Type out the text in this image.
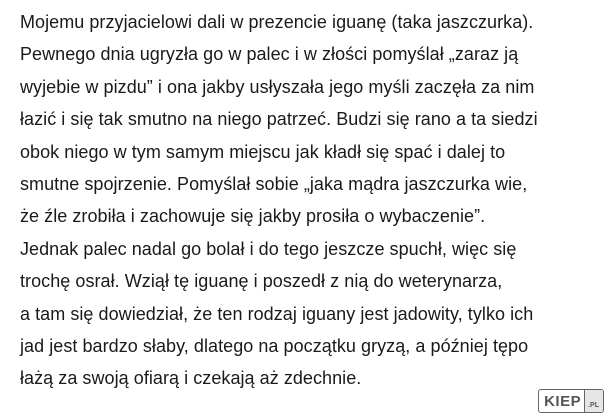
Mojemu przyjacielowi dali w prezencie iguanę (taka jaszczurka).
Pewnego dnia ugryzła go w palec i w złości pomyślał „zaraz ją
wyjebie w pizdu” i ona jakby usłyszała jego myśli zaczęła za nim
łazić i się tak smutno na niego patrzeć. Budzi się rano a ta siedzi
obok niego w tym samym miejscu jak kładł się spać i dalej to
smutne spojrzenie. Pomyślał sobie „jaka mądra jaszczurka wie,
że źle zrobiła i zachowuje się jakby prosiła o wybaczenie”.
Jednak palec nadal go bolał i do tego jeszcze spuchł, więc się
trochę osrał. Wziął tę iguanę i poszedł z nią do weterynarza,
a tam się dowiedział, że ten rodzaj iguany jest jadowity, tylko ich
jad jest bardzo słaby, dlatego na początku gryzą, a później tępo
łażą za swoją ofiarą i czekają aż zdechnie.
KIEP	.PL
